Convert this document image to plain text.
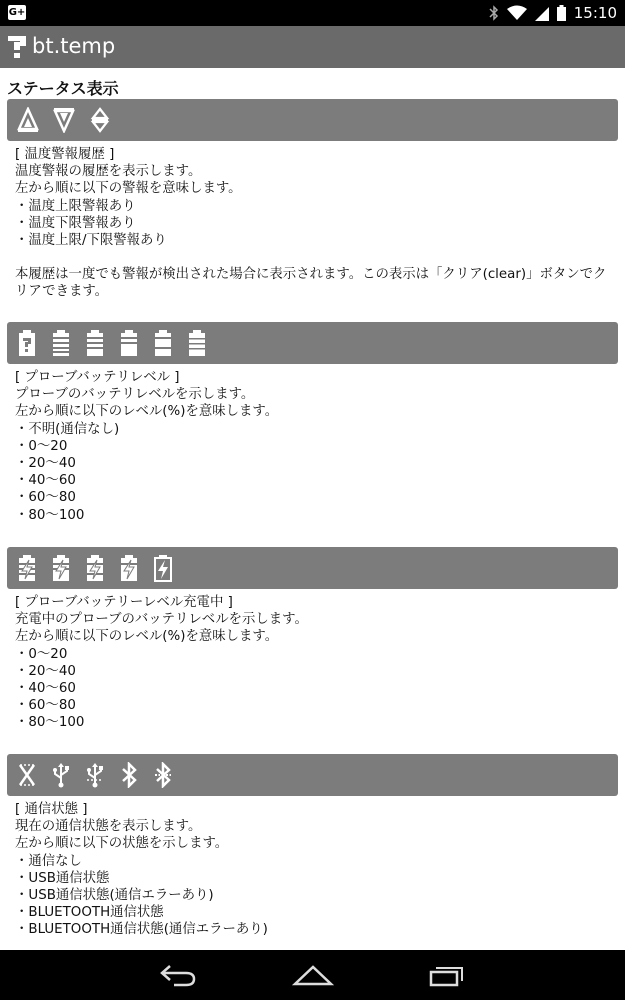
G+	15:10
bt.temp
ステータス表示
[ 温度警報履歴 ]
温度警報の履歴を表示します。
左から順に以下の警報を意味します。
・温度上限警報あり
・温度下限警報あり
・温度上限/下限警報あり
本履歴は一度でも警報が検出された場合に表示されます。この表示は「クリア(clear)」ボタンでクリアできます。
[ プローブバッテリレベル ]
プローブのバッテリレベルを示します。
左から順に以下のレベル(%)を意味します。
・不明(通信なし)
・0～20
・20～40
・40～60
・60～80
・80～100
[ プローブバッテリーレベル充電中 ]
充電中のプローブのバッテリレベルを示します。
左から順に以下のレベル(%)を意味します。
・0～20
・20～40
・40～60
・60～80
・80～100
[ 通信状態 ]
現在の通信状態を表示します。
左から順に以下の状態を示します。
・通信なし
・USB通信状態
・USB通信状態(通信エラーあり)
・BLUETOOTH通信状態
・BLUETOOTH通信状態(通信エラーあり)
